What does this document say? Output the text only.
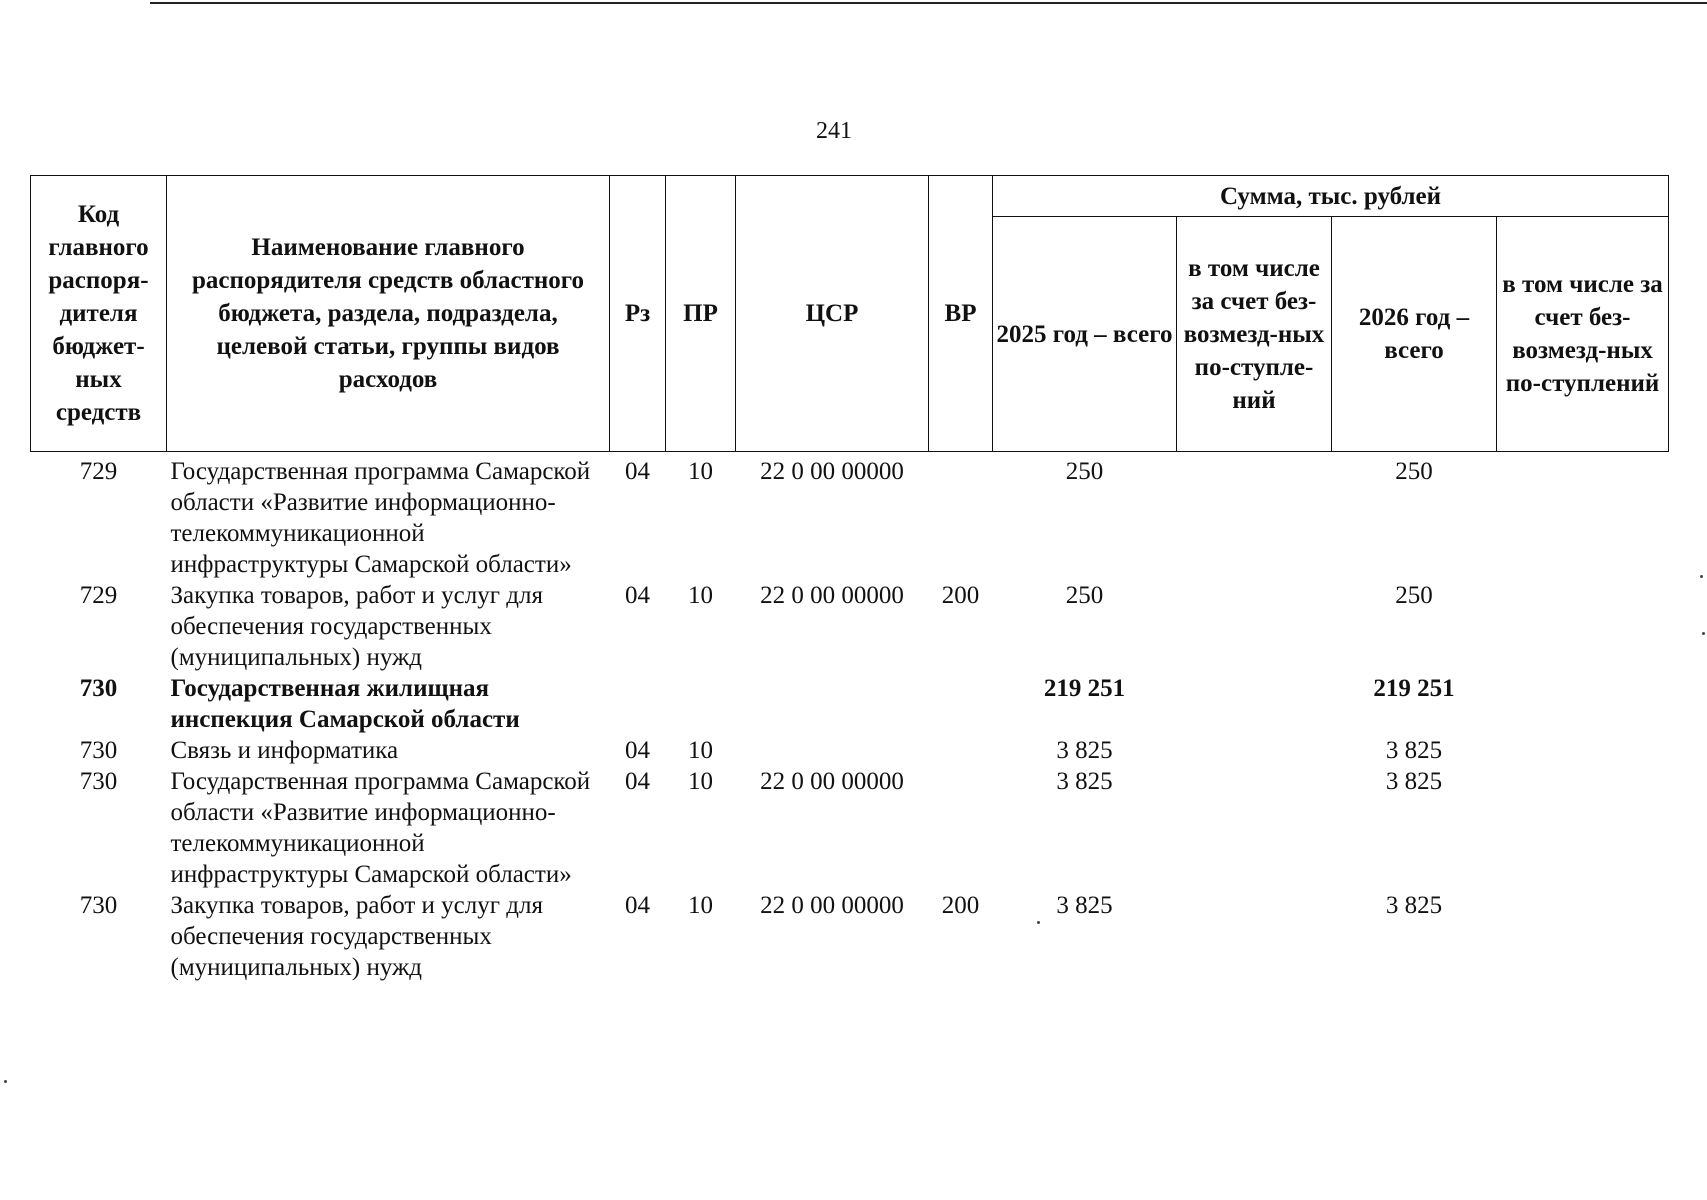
241
Код главного распоря-дителя бюджет-ных средств	Наименование главного распорядителя средств областного бюджета, раздела, подраздела, целевой статьи, группы видов расходов	Рз	ПР	ЦСР	ВР	Сумма, тыс. рублей			
						2025 год – всего	в том числе за счет без-возмезд-ных по-ступле-ний	2026 год – всего	в том числе за счет без-возмезд-ных по-ступлений
729	Государственная программа Самарской области «Развитие информационно-телекоммуникационной инфраструктуры Самарской области»	04	10	22 0 00 00000		250		250	
729	Закупка товаров, работ и услуг для обеспечения государственных (муниципальных) нужд	04	10	22 0 00 00000	200	250		250	
730	Государственная жилищная инспекция Самарской области					219 251		219 251	
730	Связь и информатика	04	10			3 825		3 825	
730	Государственная программа Самарской области «Развитие информационно-телекоммуникационной инфраструктуры Самарской области»	04	10	22 0 00 00000		3 825		3 825	
730	Закупка товаров, работ и услуг для обеспечения государственных (муниципальных) нужд	04	10	22 0 00 00000	200	3 825		3 825	
